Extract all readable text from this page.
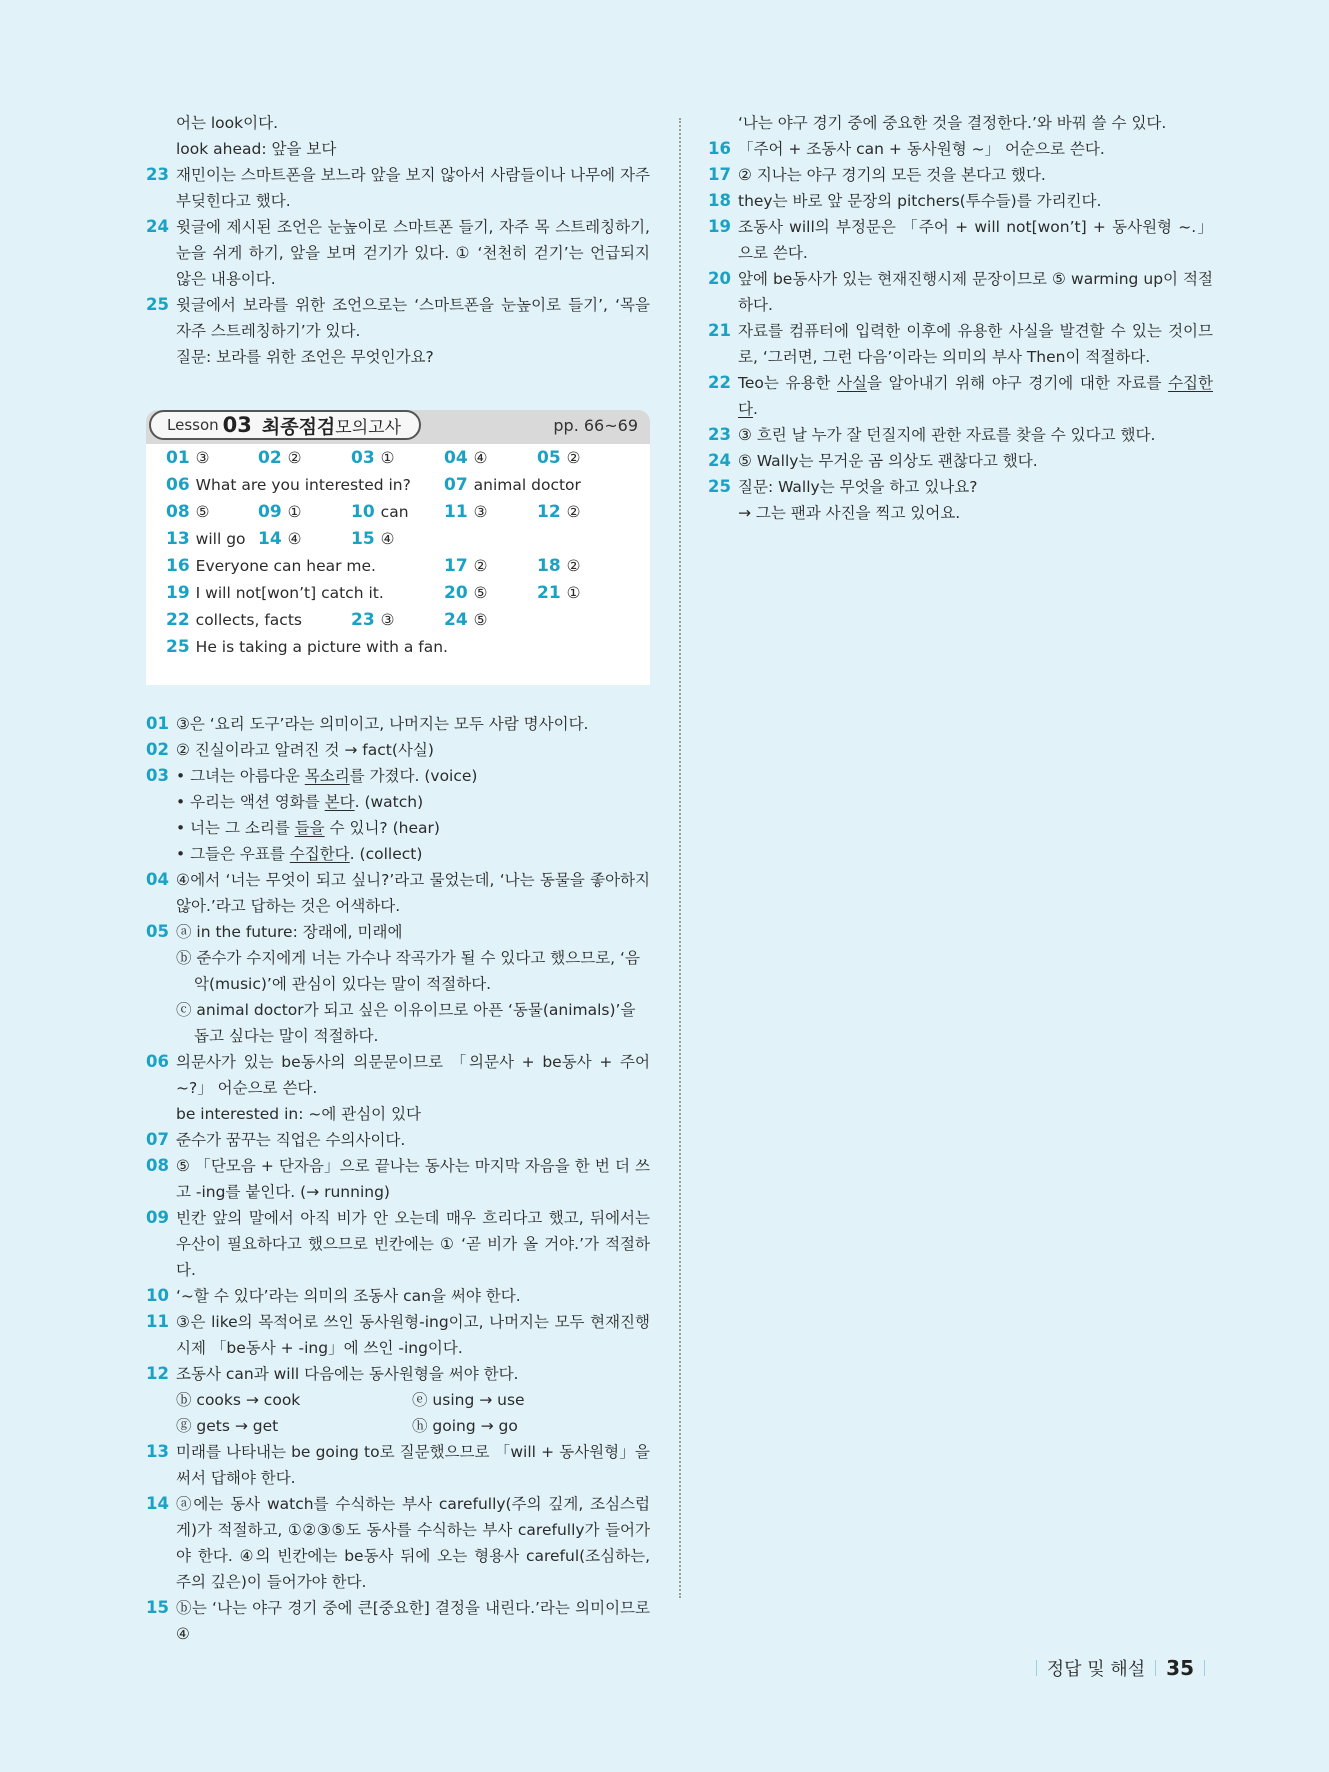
어는 look이다.
look ahead: 앞을 보다
23 재민이는 스마트폰을 보느라 앞을 보지 않아서 사람들이나 나무에 자주 부딪힌다고 했다.
24 윗글에 제시된 조언은 눈높이로 스마트폰 들기, 자주 목 스트레칭하기, 눈을 쉬게 하기, 앞을 보며 걷기가 있다. ① ‘천천히 걷기’는 언급되지 않은 내용이다.
25 윗글에서 보라를 위한 조언으로는 ‘스마트폰을 눈높이로 들기’, ‘목을 자주 스트레칭하기’가 있다.
질문: 보라를 위한 조언은 무엇인가요?
Lesson 03 최종점검 모의고사	pp. 66~69
01 ③	02 ②	03 ①	04 ④	05 ②
06 What are you interested in? 07 animal doctor
08 ⑤	09 ①	10 can 11 ③	12 ②
13 will go 14 ④	15 ④
16 Everyone can hear me.	17 ②	18 ②
19 I will not[won’t] catch it.	20 ⑤	21 ①
22 collects, facts	23 ③	24 ⑤
25 He is taking a picture with a fan.
01 ③은 ‘요리 도구’라는 의미이고, 나머지는 모두 사람 명사이다.
02 ② 진실이라고 알려진 것 → fact(사실)
03 • 그녀는 아름다운 목소리를 가졌다. (voice)
• 우리는 액션 영화를 본다. (watch)
• 너는 그 소리를 들을 수 있니? (hear)
• 그들은 우표를 수집한다. (collect)
04 ④에서 ‘너는 무엇이 되고 싶니?’라고 물었는데, ‘나는 동물을 좋아하지 않아.’라고 답하는 것은 어색하다.
05 ⓐ in the future: 장래에, 미래에
ⓑ 준수가 수지에게 너는 가수나 작곡가가 될 수 있다고 했으므로, ‘음악(music)’에 관심이 있다는 말이 적절하다.
ⓒ animal doctor가 되고 싶은 이유이므로 아픈 ‘동물(animals)’을 돕고 싶다는 말이 적절하다.
06 의문사가 있는 be동사의 의문문이므로 「의문사 + be동사 + 주어 ~?」 어순으로 쓴다.
be interested in: ~에 관심이 있다
07 준수가 꿈꾸는 직업은 수의사이다.
08 ⑤ 「단모음 + 단자음」으로 끝나는 동사는 마지막 자음을 한 번 더 쓰고 -ing를 붙인다. (→ running)
09 빈칸 앞의 말에서 아직 비가 안 오는데 매우 흐리다고 했고, 뒤에서는 우산이 필요하다고 했으므로 빈칸에는 ① ‘곧 비가 올 거야.’가 적절하다.
10 ‘~할 수 있다’라는 의미의 조동사 can을 써야 한다.
11 ③은 like의 목적어로 쓰인 동사원형-ing이고, 나머지는 모두 현재진행시제 「be동사 + -ing」에 쓰인 -ing이다.
12 조동사 can과 will 다음에는 동사원형을 써야 한다.
ⓑ cooks → cook	ⓔ using → use
ⓖ gets → get	ⓗ going → go
13 미래를 나타내는 be going to로 질문했으므로 「will + 동사원형」을 써서 답해야 한다.
14 ⓐ에는 동사 watch를 수식하는 부사 carefully(주의 깊게, 조심스럽게)가 적절하고, ①②③⑤도 동사를 수식하는 부사 carefully가 들어가야 한다. ④의 빈칸에는 be동사 뒤에 오는 형용사 careful(조심하는, 주의 깊은)이 들어가야 한다.
15 ⓑ는 ‘나는 야구 경기 중에 큰[중요한] 결정을 내린다.’라는 의미이므로 ④
‘나는 야구 경기 중에 중요한 것을 결정한다.’와 바꿔 쓸 수 있다.
16 「주어 + 조동사 can + 동사원형 ~」 어순으로 쓴다.
17 ② 지나는 야구 경기의 모든 것을 본다고 했다.
18 they는 바로 앞 문장의 pitchers(투수들)를 가리킨다.
19 조동사 will의 부정문은 「주어 + will not[won’t] + 동사원형 ~.」으로 쓴다.
20 앞에 be동사가 있는 현재진행시제 문장이므로 ⑤ warming up이 적절하다.
21 자료를 컴퓨터에 입력한 이후에 유용한 사실을 발견할 수 있는 것이므로, ‘그러면, 그런 다음’이라는 의미의 부사 Then이 적절하다.
22 Teo는 유용한 사실을 알아내기 위해 야구 경기에 대한 자료를 수집한다.
23 ③ 흐린 날 누가 잘 던질지에 관한 자료를 찾을 수 있다고 했다.
24 ⑤ Wally는 무거운 곰 의상도 괜찮다고 했다.
25 질문: Wally는 무엇을 하고 있나요?
→ 그는 팬과 사진을 찍고 있어요.
정답 및 해설 35
